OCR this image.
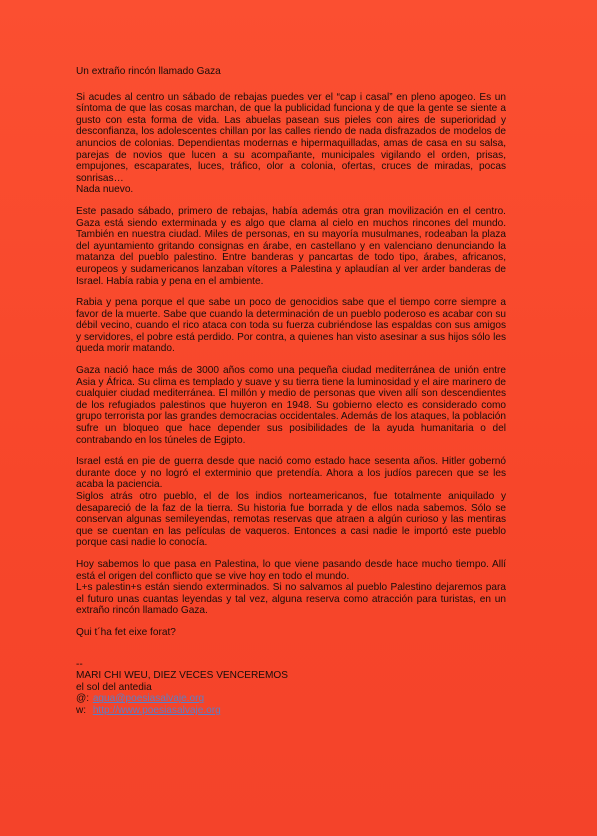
Un extraño rincón llamado Gaza

Si acudes al centro un sábado de rebajas puedes ver el “cap i casal” en pleno apogeo. Es un síntoma de que las cosas marchan, de que la publicidad funciona y de que la gente se siente a gusto con esta forma de vida. Las abuelas pasean sus pieles con aires de superioridad y desconfianza, los adolescentes chillan por las calles riendo de nada disfrazados de modelos de anuncios de colonias. Dependientas modernas e hipermaquilladas, amas de casa en su salsa, parejas de novios que lucen a su acompañante, municipales vigilando el orden, prisas, empujones, escaparates, luces, tráfico, olor a colonia, ofertas, cruces de miradas, pocas sonrisas…

Nada nuevo.

Este pasado sábado, primero de rebajas, había además otra gran movilización en el centro. Gaza está siendo exterminada y es algo que clama al cielo en muchos rincones del mundo. También en nuestra ciudad. Miles de personas, en su mayoría musulmanes, rodeaban la plaza del ayuntamiento gritando consignas en árabe, en castellano y en valenciano denunciando la matanza del pueblo palestino. Entre banderas y pancartas de todo tipo, árabes, africanos, europeos y sudamericanos lanzaban vítores a Palestina y aplaudían al ver arder banderas de Israel. Había rabia y pena en el ambiente.

Rabia y pena porque el que sabe un poco de genocidios sabe que el tiempo corre siempre a favor de la muerte. Sabe que cuando la determinación de un pueblo poderoso es acabar con su débil vecino, cuando el rico ataca con toda su fuerza cubriéndose las espaldas con sus amigos y servidores, el pobre está perdido. Por contra, a quienes han visto asesinar a sus hijos sólo les queda morir matando.

Gaza nació hace más de 3000 años como una pequeña ciudad mediterránea de unión entre Asia y África. Su clima es templado y suave y su tierra tiene la luminosidad y el aire marinero de cualquier ciudad mediterránea. El millón y medio de personas que viven allí son descendientes de los refugiados palestinos que huyeron en 1948. Su gobierno electo es considerado como grupo terrorista por las grandes democracias occidentales. Además de los ataques, la población sufre un bloqueo que hace depender sus posibilidades de la ayuda humanitaria o del contrabando en los túneles de Egipto.

Israel está en pie de guerra desde que nació como estado hace sesenta años. Hitler gobernó durante doce y no logró el exterminio que pretendía. Ahora a los judíos parecen que se les acaba la paciencia.

Siglos atrás otro pueblo, el de los indios norteamericanos, fue totalmente aniquilado y desapareció de la faz de la tierra. Su historia fue borrada y de ellos nada sabemos. Sólo se conservan algunas semileyendas, remotas reservas que atraen a algún curioso y las mentiras que se cuentan en las películas de vaqueros. Entonces a casi nadie le importó este pueblo porque casi nadie lo conocía.

Hoy sabemos lo que pasa en Palestina, lo que viene pasando desde hace mucho tiempo. Allí está el origen del conflicto que se vive hoy en todo el mundo.

L+s palestin+s están siendo exterminados. Si no salvamos al pueblo Palestino dejaremos para el futuro unas cuantas leyendas y tal vez, alguna reserva como atracción para turistas, en un extraño rincón llamado Gaza.

Qui t´ha fet eixe forat?
--
MARI CHI WEU, DIEZ VECES VENCEREMOS
el sol del antedia
@: agua@poesiasalvaje.org
w: http://www.poesiasalvaje.org
